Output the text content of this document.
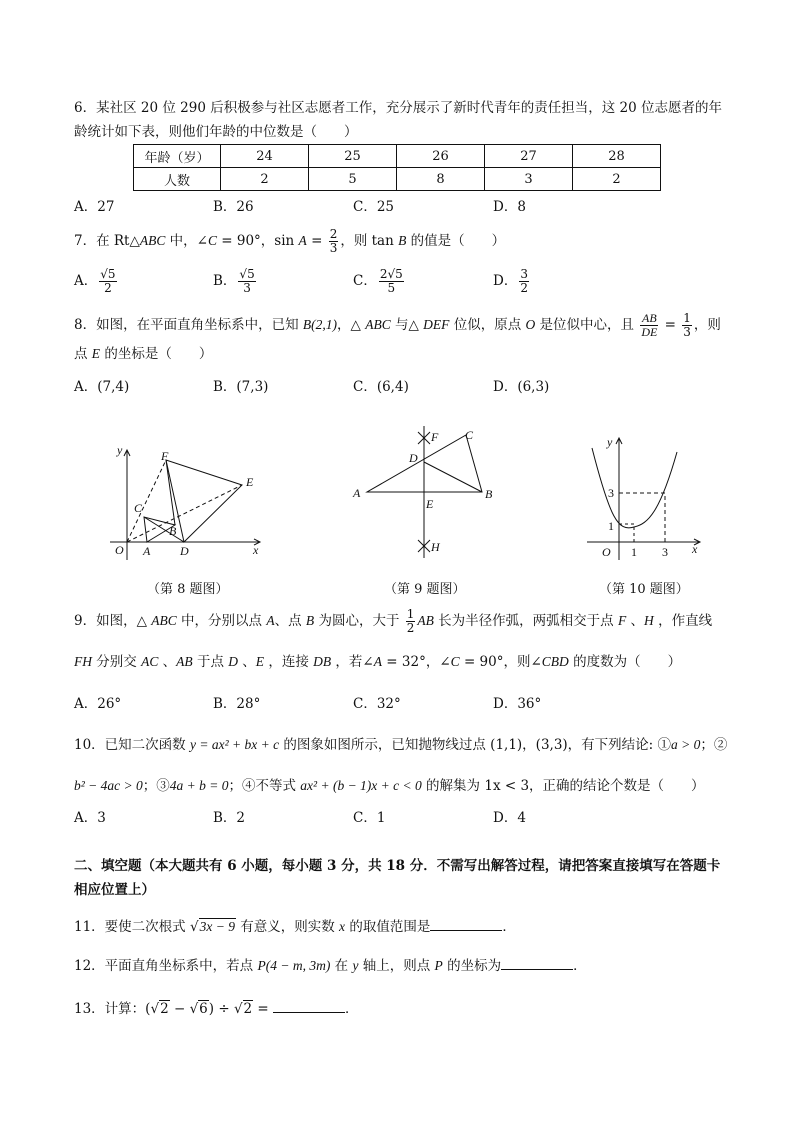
6．某社区 20 位 290 后积极参与社区志愿者工作，充分展示了新时代青年的责任担当，这 20 位志愿者的年
龄统计如下表，则他们年龄的中位数是（　　）
年龄（岁）	24	25	26	27	28
人数	2	5	8	3	2
A．27	B．26	C．25	D．8
7．在 Rt△ABC 中，∠C = 90°，$\sin A = \frac{2}{3}$ ，则 tan B 的值是（　　）
A． $\frac{√5}{2}$	B． $\frac{√5}{3}$	C． $\frac{2√5}{5}$	D． $\frac{3}{2}$
8．如图，在平面直角坐标系中，已知 B(2,1)，△ ABC 与△ DEF 位似，原点 O 是位似中心，且 $\frac{AB}{DE} = \frac{1}{3}$ ，则
点 E 的坐标是（　　）
A．(7,4)	B．(7,3)	C．(6,4)	D．(6,3)
y
x
O A D
B
C
F
E
（第 8 题图）
A	B
C
D
E
F
H
（第 9 题图）
y
x
O 1 3
1
3
（第 10 题图）
9．如图，△ ABC 中，分别以点 A、点 B 为圆心，大于 $\frac{1}{2}$ AB 长为半径作弧，两弧相交于点 F 、H ，作直线
FH 分别交 AC 、AB 于点 D 、E ，连接 DB ，若∠A = 32°，∠C = 90°，则∠CBD 的度数为（　　）
A．26°	B．28°	C．32°	D．36°
10．已知二次函数 y = ax² + bx + c 的图象如图所示，已知抛物线过点 (1,1)，(3,3)，有下列结论: ①a > 0；②
b² − 4ac > 0；③4a + b = 0；④不等式 ax² + (b − 1)x + c < 0 的解集为 1x < 3，正确的结论个数是（　　）
A．3	B．2	C．1	D．4
二、填空题（本大题共有 6 小题，每小题 3 分，共 18 分．不需写出解答过程，请把答案直接填写在答题卡
相应位置上）
11．要使二次根式 √3x − 9 有意义，则实数 x 的取值范围是	．
12．平面直角坐标系中，若点 P(4 − m, 3m) 在 y 轴上，则点 P 的坐标为	．
13．计算：(√2 − √6) ÷ √2 =	．
